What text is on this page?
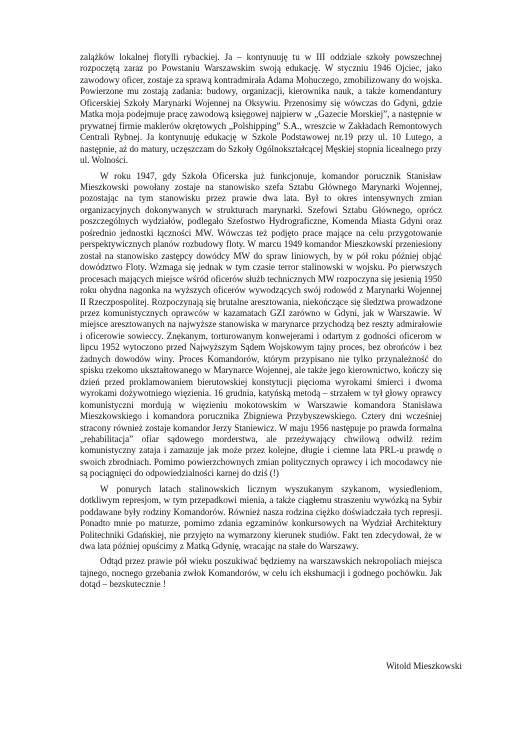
zalążków lokalnej flotylli rybackiej. Ja – kontynuuję tu w III oddziale szkoły powszechnej rozpoczętą zaraz po Powstaniu Warszawskim swoją edukację. W styczniu 1946 Ojciec, jako zawodowy oficer, zostaje za sprawą kontradmirała Adama Mohuczego, zmobilizowany do wojska. Powierzone mu zostają zadania: budowy, organizacji, kierownika nauk, a także komendantury Oficerskiej Szkoły Marynarki Wojennej na Oksywiu. Przenosimy się wówczas do Gdyni, gdzie Matka moja podejmuje pracę zawodową księgowej najpierw w „Gazecie Morskiej”, a następnie w prywatnej firmie maklerów okrętowych „Polshipping” S.A., wreszcie w Zakładach Remontowych Centrali Rybnej. Ja kontynuuję edukację w Szkole Podstawowej nr.19 przy ul. 10 Lutego, a następnie, aż do matury, uczęszczam do Szkoły Ogólnokształcącej Męskiej stopnia licealnego przy ul. Wolności.

W roku 1947, gdy Szkoła Oficerska już funkcjonuje, komandor porucznik Stanisław Mieszkowski powołany zostaje na stanowisko szefa Sztabu Głównego Marynarki Wojennej, pozostając na tym stanowisku przez prawie dwa lata. Był to okres intensywnych zmian organizacyjnych dokonywanych w strukturach marynarki. Szefowi Sztabu Głównego, oprócz poszczególnych wydziałów, podlegało Szefostwo Hydrograficzne, Komenda Miasta Gdyni oraz pośrednio jednostki łączności MW. Wówczas też podjęto prace mające na celu przygotowanie perspektywicznych planów rozbudowy floty. W marcu 1949 komandor Mieszkowski przeniesiony został na stanowisko zastępcy dowódcy MW do spraw liniowych, by w pół roku później objąć dowództwo Floty. Wzmaga się jednak w tym czasie terror stalinowski w wojsku. Po pierwszych procesach mających miejsce wśród oficerów służb technicznych MW rozpoczyna się jesienią 1950 roku ohydna nagonka na wyższych oficerów wywodzących swój rodowód z Marynarki Wojennej II Rzeczpospolitej. Rozpoczynają się brutalne aresztowania, niekończące się śledztwa prowadzone przez komunistycznych oprawców w kazamatach GZI zarówno w Gdyni, jak w Warszawie. W miejsce aresztowanych na najwyższe stanowiska w marynarce przychodzą bez reszty admirałowie i oficerowie sowieccy. Znękanym, torturowanym konwejerami i odartym z godności oficerom w lipcu 1952 wytoczono przed Najwyższym Sądem Wojskowym tajny proces, bez obrońców i bez żadnych dowodów winy. Proces Komandorów, którym przypisano nie tylko przynależność do spisku rzekomo ukształtowanego w Marynarce Wojennej, ale także jego kierownictwo, kończy się dzień przed proklamowaniem bierutowskiej konstytucji pięcioma wyrokami śmierci i dwoma wyrokami dożywotniego więzienia. 16 grudnia, katyńską metodą – strzałem w tył głowy oprawcy komunistyczni mordują w więzieniu mokotowskim w Warszawie komandora Stanisława Mieszkowskiego i komandora porucznika Zbigniewa Przybyszewskiego. Cztery dni wcześniej stracony również zostaje komandor Jerzy Staniewicz. W maju 1956 następuje po prawda formalna „rehabilitacja” ofiar sądowego morderstwa, ale przeżywający chwilową odwilż reżim komunistyczny zataja i zamazuje jak może przez kolejne, długie i ciemne lata PRL-u prawdę o swoich zbrodniach. Pomimo powierzchownych zmian politycznych oprawcy i ich mocodawcy nie są pociągnięci do odpowiedzialności karnej do dziś (!)

W ponurych latach stalinowskich licznym wyszukanym szykanom, wysiedleniom, dotkliwym represjom, w tym przepadkowi mienia, a także ciągłemu straszeniu wywózką na Sybir poddawane były rodziny Komandorów. Również nasza rodzina ciężko doświadczała tych represji. Ponadto mnie po maturze, pomimo zdania egzaminów konkursowych na Wydział Architektury Politechniki Gdańskiej, nie przyjęto na wymarzony kierunek studiów. Fakt ten zdecydował, że w dwa lata później opuścimy z Matką Gdynię, wracając na stałe do Warszawy.

Odtąd przez prawie pół wieku poszukiwać będziemy na warszawskich nekropoliach miejsca tajnego, nocnego grzebania zwłok Komandorów, w celu ich ekshumacji i godnego pochówku. Jak dotąd – bezskutecznie !

Witold Mieszkowski
